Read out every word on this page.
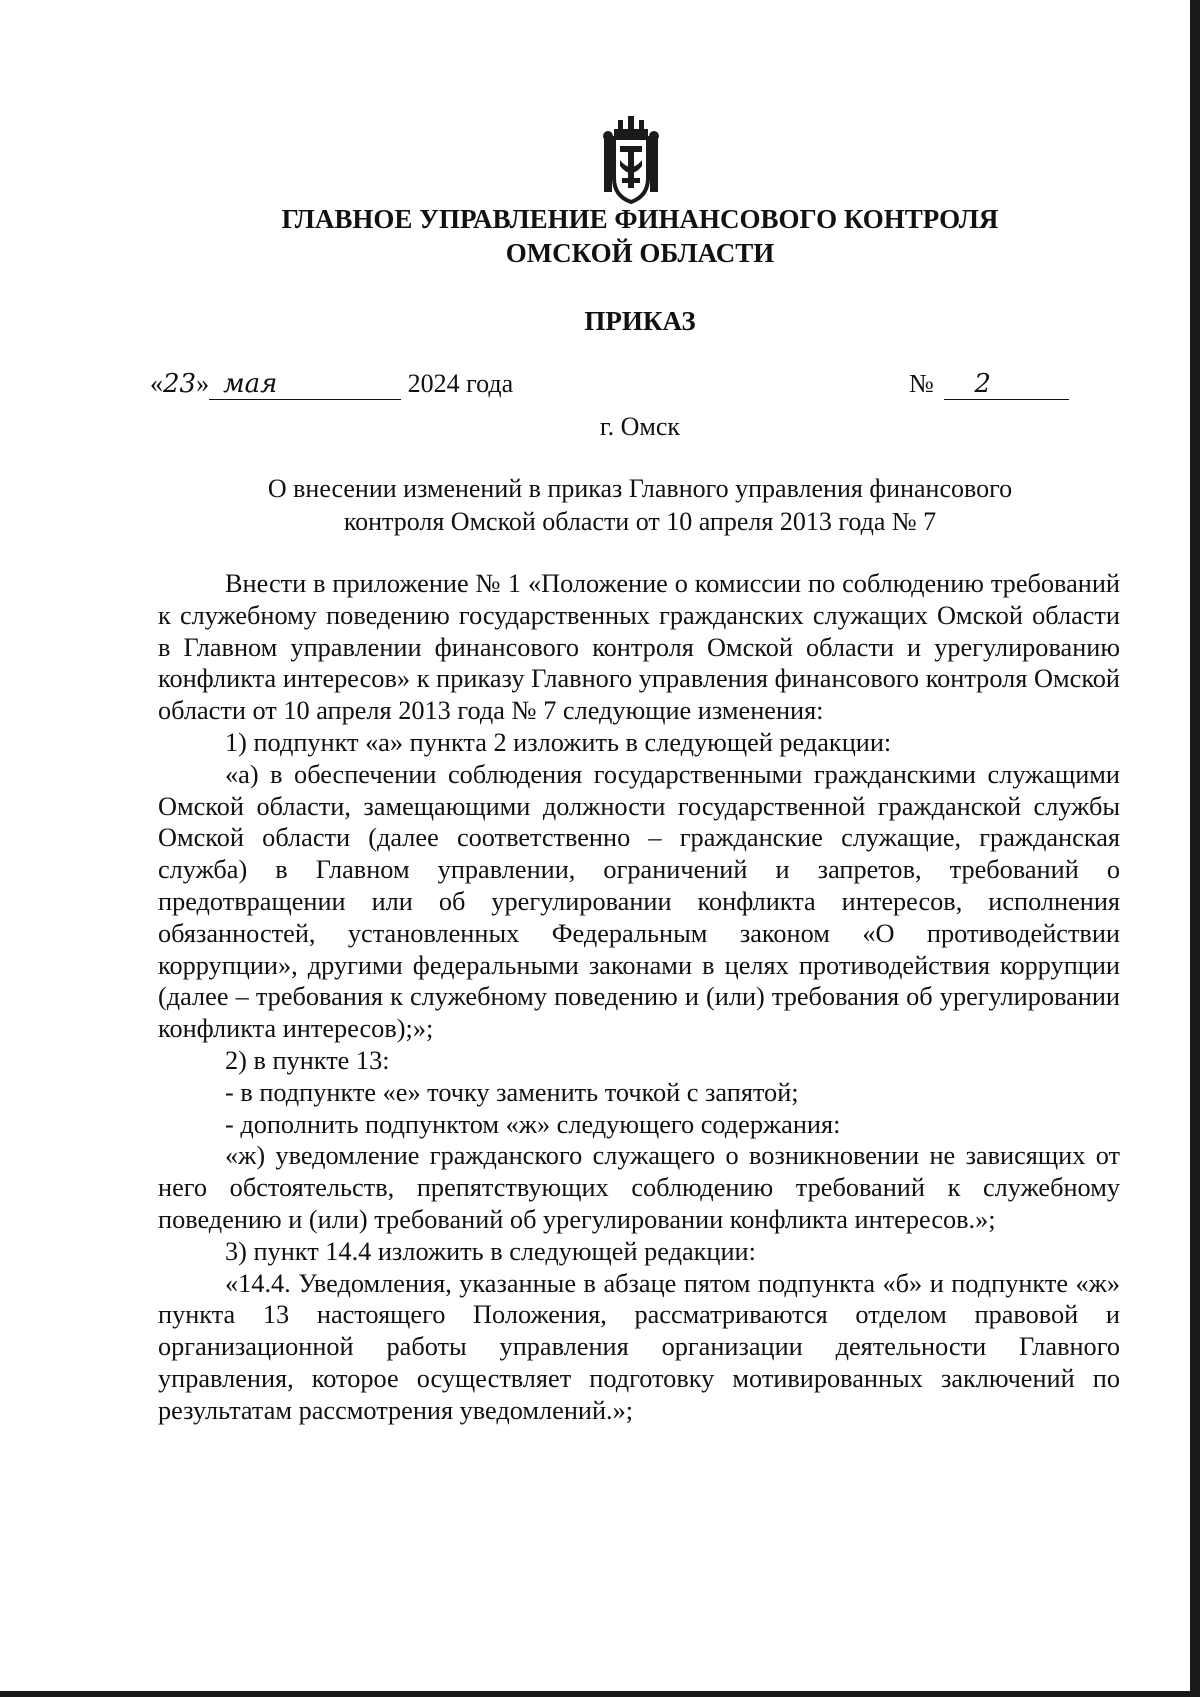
ГЛАВНОЕ УПРАВЛЕНИЕ ФИНАНСОВОГО КОНТРОЛЯ
ОМСКОЙ ОБЛАСТИ
ПРИКАЗ
«23» мая	2024 года	№ 2
г. Омск
О внесении изменений в приказ Главного управления финансового
контроля Омской области от 10 апреля 2013 года № 7

Внести в приложение № 1 «Положение о комиссии по соблюдению требований к служебному поведению государственных гражданских служащих Омской области в Главном управлении финансового контроля Омской области и урегулированию конфликта интересов» к приказу Главного управления финансового контроля Омской области от 10 апреля 2013 года № 7 следующие изменения:

1) подпункт «а» пункта 2 изложить в следующей редакции:

«а) в обеспечении соблюдения государственными гражданскими служащими Омской области, замещающими должности государственной гражданской службы Омской области (далее соответственно – гражданские служащие, гражданская служба) в Главном управлении, ограничений и запретов, требований о предотвращении или об урегулировании конфликта интересов, исполнения обязанностей, установленных Федеральным законом «О противодействии коррупции», другими федеральными законами в целях противодействия коррупции (далее – требования к служебному поведению и (или) требования об урегулировании конфликта интересов);»;

2) в пункте 13:

- в подпункте «е» точку заменить точкой с запятой;

- дополнить подпунктом «ж» следующего содержания:

«ж) уведомление гражданского служащего о возникновении не зависящих от него обстоятельств, препятствующих соблюдению требований к служебному поведению и (или) требований об урегулировании конфликта интересов.»;

3) пункт 14.4 изложить в следующей редакции:

«14.4. Уведомления, указанные в абзаце пятом подпункта «б» и подпункте «ж» пункта 13 настоящего Положения, рассматриваются отделом правовой и организационной работы управления организации деятельности Главного управления, которое осуществляет подготовку мотивированных заключений по результатам рассмотрения уведомлений.»;
